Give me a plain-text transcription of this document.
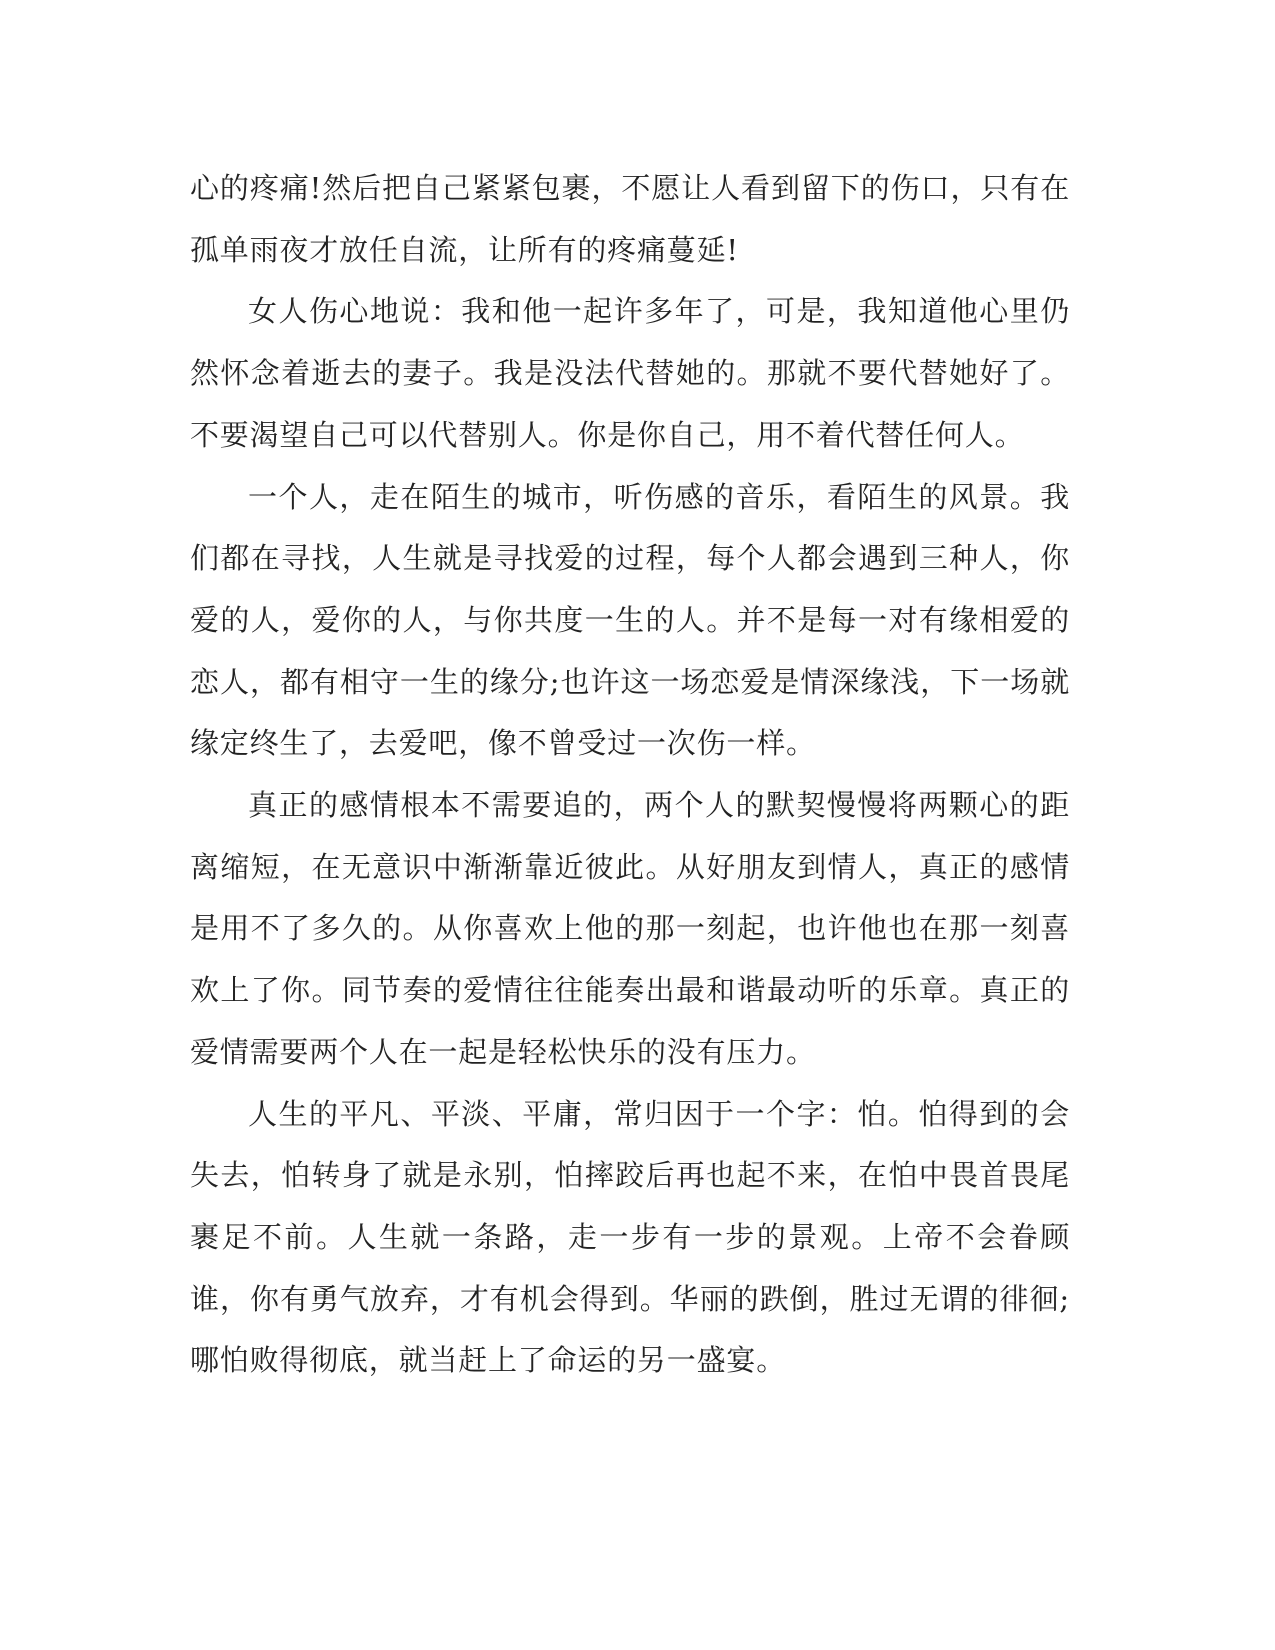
心的疼痛!然后把自己紧紧包裹，不愿让人看到留下的伤口，只有在孤单雨夜才放任自流，让所有的疼痛蔓延!

女人伤心地说：我和他一起许多年了，可是，我知道他心里仍然怀念着逝去的妻子。我是没法代替她的。那就不要代替她好了。不要渴望自己可以代替别人。你是你自己，用不着代替任何人。

一个人，走在陌生的城市，听伤感的音乐，看陌生的风景。我们都在寻找，人生就是寻找爱的过程，每个人都会遇到三种人，你爱的人，爱你的人，与你共度一生的人。并不是每一对有缘相爱的恋人，都有相守一生的缘分;也许这一场恋爱是情深缘浅，下一场就缘定终生了，去爱吧，像不曾受过一次伤一样。

真正的感情根本不需要追的，两个人的默契慢慢将两颗心的距离缩短，在无意识中渐渐靠近彼此。从好朋友到情人，真正的感情是用不了多久的。从你喜欢上他的那一刻起，也许他也在那一刻喜欢上了你。同节奏的爱情往往能奏出最和谐最动听的乐章。真正的爱情需要两个人在一起是轻松快乐的没有压力。

人生的平凡、平淡、平庸，常归因于一个字：怕。怕得到的会失去，怕转身了就是永别，怕摔跤后再也起不来，在怕中畏首畏尾裹足不前。人生就一条路，走一步有一步的景观。上帝不会眷顾谁，你有勇气放弃，才有机会得到。华丽的跌倒，胜过无谓的徘徊;哪怕败得彻底，就当赶上了命运的另一盛宴。
